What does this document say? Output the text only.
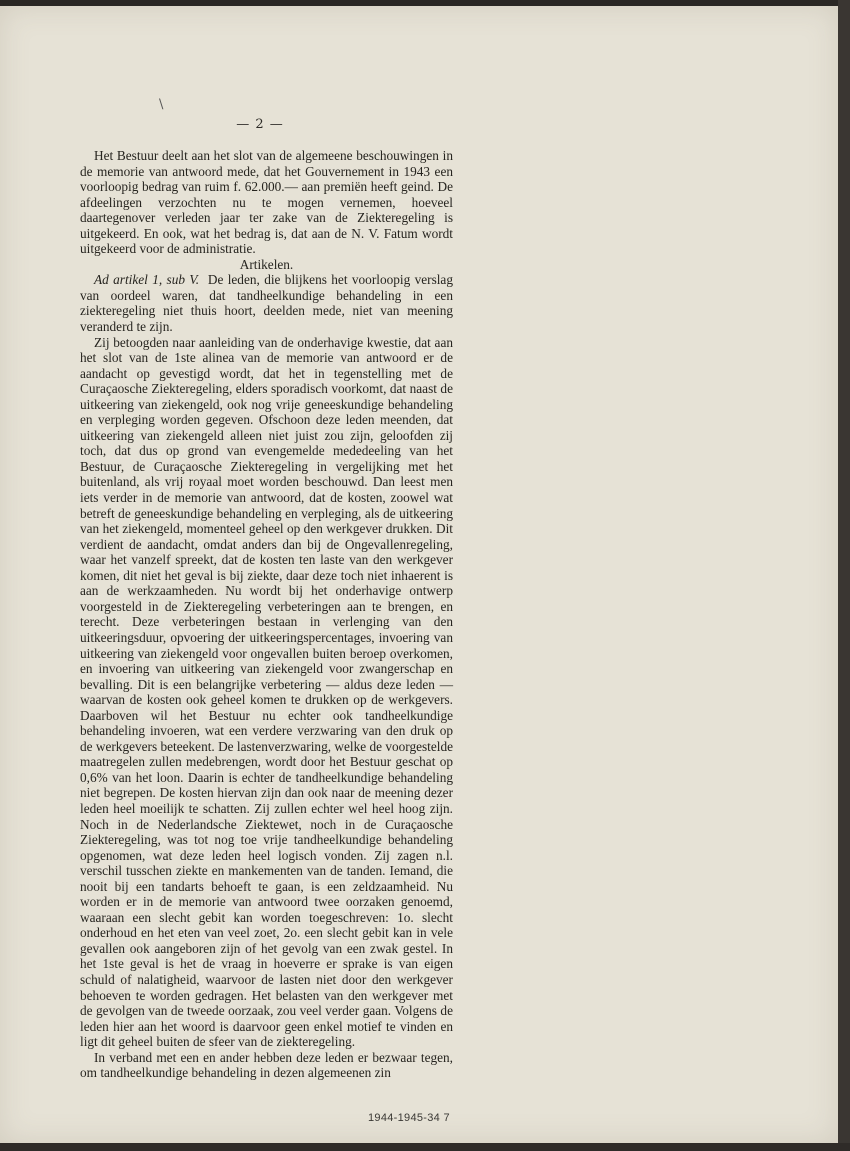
\
— 2 —

Het Bestuur deelt aan het slot van de algemeene beschouwingen in de memorie van antwoord mede, dat het Gouvernement in 1943 een voorloopig bedrag van ruim f. 62.000.— aan premiën heeft geind. De afdeelingen verzochten nu te mogen vernemen, hoeveel daartegenover verleden jaar ter zake van de Ziekteregeling is uitgekeerd. En ook, wat het bedrag is, dat aan de N. V. Fatum wordt uitgekeerd voor de administratie.

Artikelen.

Ad artikel 1, sub V. De leden, die blijkens het voorloopig verslag van oordeel waren, dat tandheelkundige behandeling in een ziekteregeling niet thuis hoort, deelden mede, niet van meening veranderd te zijn.

Zij betoogden naar aanleiding van de onderhavige kwestie, dat aan het slot van de 1ste alinea van de memorie van antwoord er de aandacht op gevestigd wordt, dat het in tegenstelling met de Curaçaosche Ziekteregeling, elders sporadisch voorkomt, dat naast de uitkeering van ziekengeld, ook nog vrije geneeskundige behandeling en verpleging worden gegeven. Ofschoon deze leden meenden, dat uitkeering van ziekengeld alleen niet juist zou zijn, geloofden zij toch, dat dus op grond van evengemelde mededeeling van het Bestuur, de Curaçaosche Ziekteregeling in vergelijking met het buitenland, als vrij royaal moet worden beschouwd. Dan leest men iets verder in de memorie van antwoord, dat de kosten, zoowel wat betreft de geneeskundige behandeling en verpleging, als de uitkeering van het ziekengeld, momenteel geheel op den werkgever drukken. Dit verdient de aandacht, omdat anders dan bij de Ongevallenregeling, waar het vanzelf spreekt, dat de kosten ten laste van den werkgever komen, dit niet het geval is bij ziekte, daar deze toch niet inhaerent is aan de werkzaamheden. Nu wordt bij het onderhavige ontwerp voorgesteld in de Ziekteregeling verbeteringen aan te brengen, en terecht. Deze verbeteringen bestaan in verlenging van den uitkeeringsduur, opvoering der uitkeeringspercentages, invoering van uitkeering van ziekengeld voor ongevallen buiten beroep overkomen, en invoering van uitkeering van ziekengeld voor zwangerschap en bevalling. Dit is een belangrijke verbetering — aldus deze leden — waarvan de kosten ook geheel komen te drukken op de werkgevers. Daarboven wil het Bestuur nu echter ook tandheelkundige behandeling invoeren, wat een verdere verzwaring van den druk op de werkgevers beteekent. De lastenverzwaring, welke de voorgestelde maatregelen zullen medebrengen, wordt door het Bestuur geschat op 0,6% van het loon. Daarin is echter de tandheelkundige behandeling niet begrepen. De kosten hiervan zijn dan ook naar de meening dezer leden heel moeilijk te schatten. Zij zullen echter wel heel hoog zijn. Noch in de Nederlandsche Ziektewet, noch in de Curaçaosche Ziekteregeling, was tot nog toe vrije tandheelkundige behandeling opgenomen, wat deze leden heel logisch vonden. Zij zagen n.l. verschil tusschen ziekte en mankementen van de tanden. Iemand, die nooit bij een tandarts behoeft te gaan, is een zeldzaamheid. Nu worden er in de memorie van antwoord twee oorzaken genoemd, waaraan een slecht gebit kan worden toegeschreven: 1o. slecht onderhoud en het eten van veel zoet, 2o. een slecht gebit kan in vele gevallen ook aangeboren zijn of het gevolg van een zwak gestel. In het 1ste geval is het de vraag in hoeverre er sprake is van eigen schuld of nalatigheid, waarvoor de lasten niet door den werkgever behoeven te worden gedragen. Het belasten van den werkgever met de gevolgen van de tweede oorzaak, zou veel verder gaan. Volgens de leden hier aan het woord is daarvoor geen enkel motief te vinden en ligt dit geheel buiten de sfeer van de ziekteregeling.

In verband met een en ander hebben deze leden er bezwaar tegen, om tandheelkundige behandeling in dezen algemeenen zin

1944-1945-34 7
